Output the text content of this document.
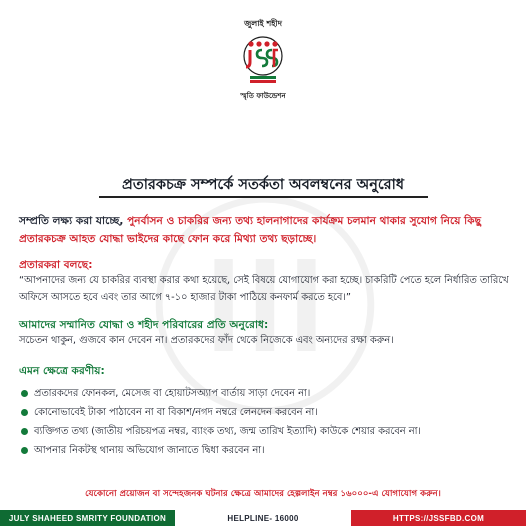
জুলাই শহীদ
স্মৃতি ফাউন্ডেশন
প্রতারকচক্র সম্পর্কে সতর্কতা অবলম্বনের অনুরোধ
সম্প্রতি লক্ষ্য করা যাচ্ছে, পুনর্বাসন ও চাকরির জন্য তথ্য হালনাগাদের কার্যক্রম চলমান থাকার সুযোগ নিয়ে কিছু প্রতারকচক্র আহত যোদ্ধা ভাইদের কাছে ফোন করে মিথ্যা তথ্য ছড়াচ্ছে।
প্রতারকরা বলছে:
“আপনাদের জন্য যে চাকরির ব্যবস্থা করার কথা হয়েছে, সেই বিষয়ে যোগাযোগ করা হচ্ছে। চাকরিটি পেতে হলে নির্ধারিত তারিখে অফিসে আসতে হবে এবং তার আগে ৭-১০ হাজার টাকা পাঠিয়ে কনফার্ম করতে হবে।”
আমাদের সম্মানিত যোদ্ধা ও শহীদ পরিবারের প্রতি অনুরোধ:
সচেতন থাকুন, গুজবে কান দেবেন না। প্রতারকদের ফাঁদ থেকে নিজেকে এবং অন্যদের রক্ষা করুন।
এমন ক্ষেত্রে করণীয়:
প্রতারকদের ফোনকল, মেসেজ বা হোয়াটসঅ্যাপ বার্তায় সাড়া দেবেন না।
কোনোভাবেই টাকা পাঠাবেন না বা বিকাশ/নগদ নম্বরে লেনদেন করবেন না।
ব্যক্তিগত তথ্য (জাতীয় পরিচয়পত্র নম্বর, ব্যাংক তথ্য, জন্ম তারিখ ইত্যাদি) কাউকে শেয়ার করবেন না।
আপনার নিকটস্থ থানায় অভিযোগ জানাতে দ্বিধা করবেন না।
যেকোনো প্রয়োজন বা সন্দেহজনক ঘটনার ক্ষেত্রে আমাদের হেল্পলাইন নম্বর ১৬০০০-এ যোগাযোগ করুন।
JULY SHAHEED SMRITY FOUNDATION	HELPLINE- 16000	HTTPS://JSSFBD.COM
